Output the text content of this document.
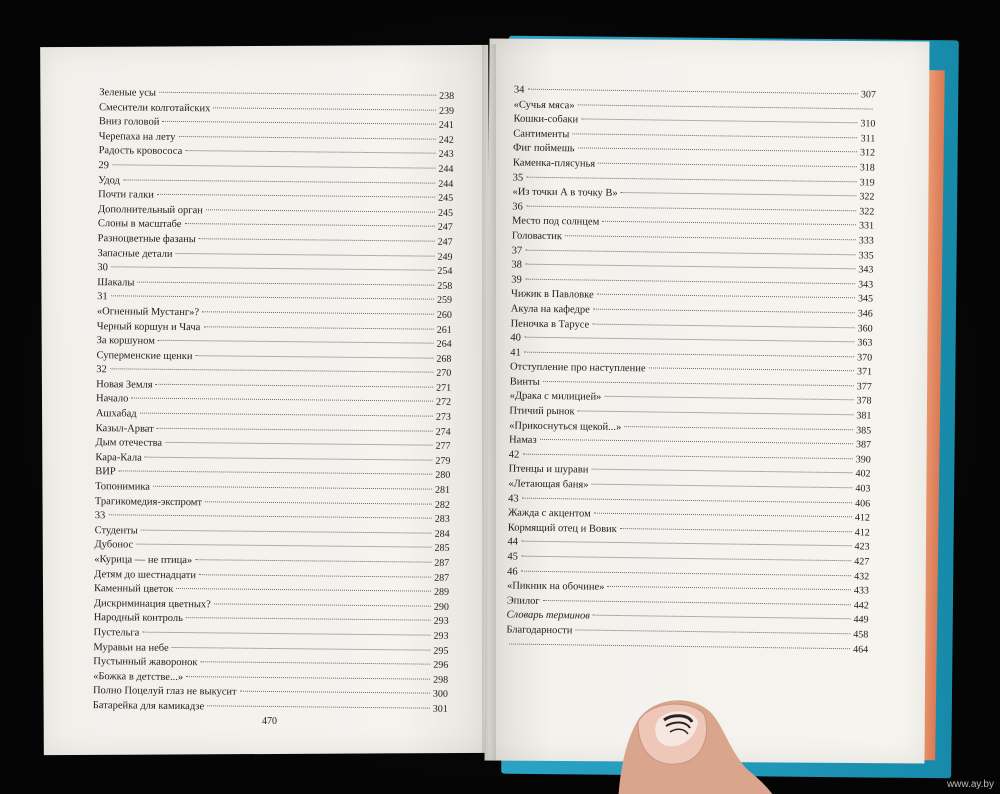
Зеленые усы	238
Смесители колготайских	239
Вниз головой	241
Черепаха на лету	242
Радость кровососа	243
29	244
Удод	244
Почти галки	245
Дополнительный орган	245
Слоны в масштабе	247
Разноцветные фазаны	247
Запасные детали	249
30	254
Шакалы	258
31	259
«Огненный Мустанг»?	260
Черный коршун и Чача	261
За коршуном	264
Суперменские щенки	268
32	270
Новая Земля	271
Начало	272
Ашхабад	273
Казыл-Арват	274
Дым отечества	277
Кара-Кала	279
ВИР	280
Топонимика	281
Трагикомедия-экспромт	282
33	283
Студенты	284
Дубонос	285
«Курица — не птица»	287
Детям до шестнадцати	287
Каменный цветок	289
Дискриминация цветных?	290
Народный контроль	293
Пустельга	293
Муравьи на небе	295
Пустынный жаворонок	296
«Божка в детстве...»	298
Полно Поцелуй глаз не выкусит	300
Батарейка для камикадзе	301
34	307
«Сучья мяса»
Кошки-собаки	310
Сантименты	311
Фиг поймешь	312
Каменка-плясунья	318
35	319
«Из точки А в точку В»	322
36	322
Место под солнцем	331
Головастик	333
37	335
38	343
39	343
Чижик в Павловке	345
Акула на кафедре	346
Пеночка в Тарусе	360
40	363
41	370
Отступление про наступление	371
Винты	377
«Драка с милицией»	378
Птичий рынок	381
«Прикоснуться щекой...»	385
Намаз	387
42	390
Птенцы и шурави	402
«Летающая баня»	403
43	406
Жажда с акцентом	412
Кормящий отец и Вовик	412
44	423
45	427
46	432
«Пикник на обочине»	433
Эпилог	442
Словарь терминов	449
Благодарности	458
464
470
www.ay.by
